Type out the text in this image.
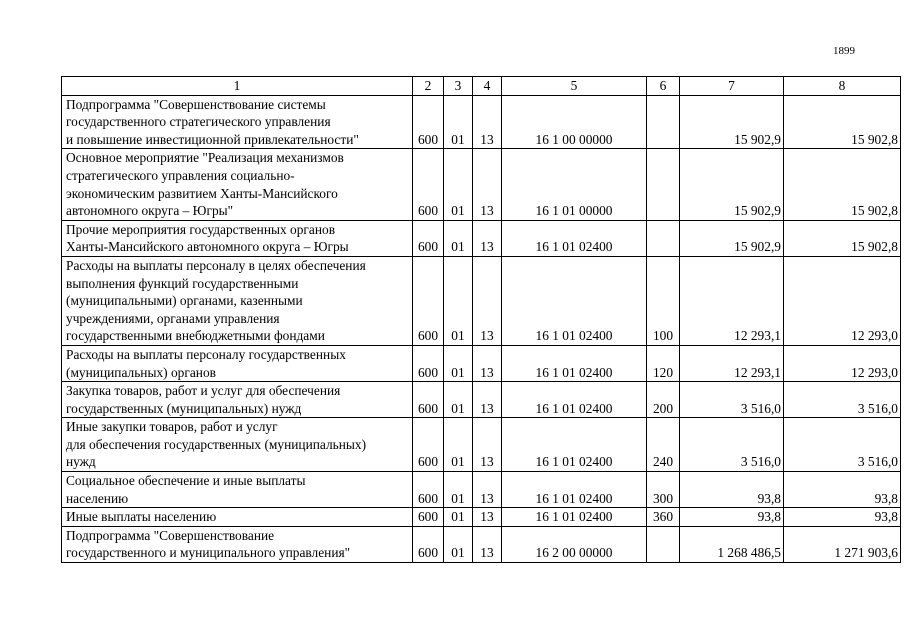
1899
1	2	3	4	5	6	7	8

Подпрограмма "Совершенствование системы
государственного стратегического управления
и повышение инвестиционной привлекательности"	600	01	13	16 1 00 00000		15 902,9	15 902,8

Основное мероприятие "Реализация механизмов
стратегического управления социально-
экономическим развитием Ханты-Мансийского
автономного округа – Югры"	600	01	13	16 1 01 00000		15 902,9	15 902,8

Прочие мероприятия государственных органов
Ханты-Мансийского автономного округа – Югры	600	01	13	16 1 01 02400		15 902,9	15 902,8

Расходы на выплаты персоналу в целях обеспечения
выполнения функций государственными
(муниципальными) органами, казенными
учреждениями, органами управления
государственными внебюджетными фондами	600	01	13	16 1 01 02400	100	12 293,1	12 293,0

Расходы на выплаты персоналу государственных
(муниципальных) органов	600	01	13	16 1 01 02400	120	12 293,1	12 293,0

Закупка товаров, работ и услуг для обеспечения
государственных (муниципальных) нужд	600	01	13	16 1 01 02400	200	3 516,0	3 516,0

Иные закупки товаров, работ и услуг
для обеспечения государственных (муниципальных)
нужд	600	01	13	16 1 01 02400	240	3 516,0	3 516,0

Социальное обеспечение и иные выплаты
населению	600	01	13	16 1 01 02400	300	93,8	93,8

Иные выплаты населению	600	01	13	16 1 01 02400	360	93,8	93,8

Подпрограмма "Совершенствование
государственного и муниципального управления"	600	01	13	16 2 00 00000		1 268 486,5	1 271 903,6
